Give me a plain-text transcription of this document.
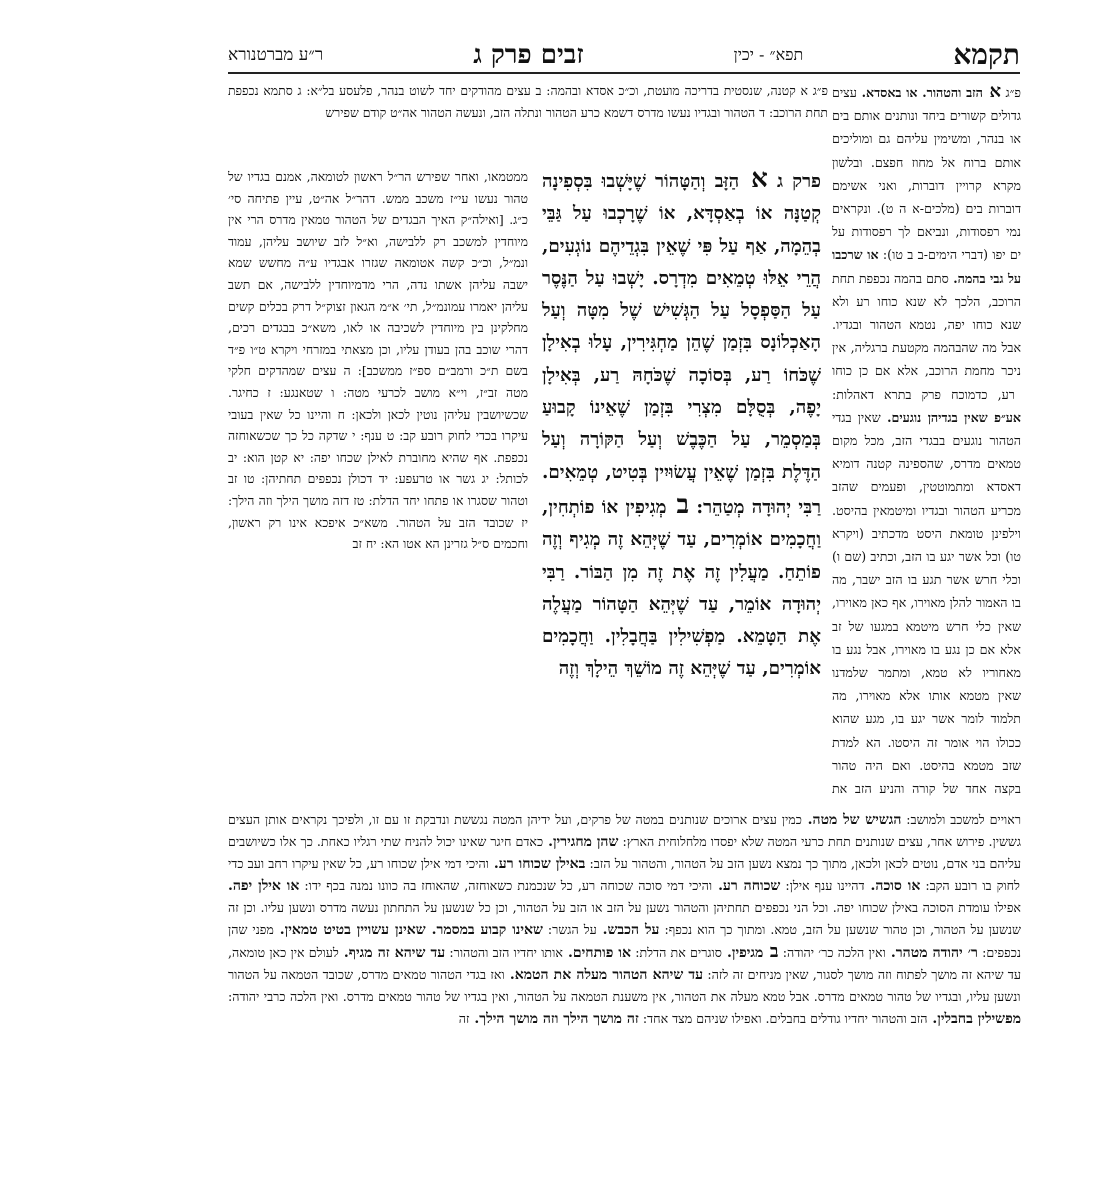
תקמא
תפא״ - יכין
זבים פרק ג
ר״ע מברטנורא
פ״ג א הזב והטהור. או באסדא. עצים גדולים קשורים ביחד ונותנים אותם בים או בנהר, ומשימין עליהם גם ומוליכים אותם ברוח אל מחוז חפצם. ובלשון מקרא קרויין דוברות, ואני אשימם דוברות בים (מלכים-א ה ט). ונקראים נמי רפסודות, ונביאם לך רפסודות על ים יפו (דברי הימים-ב ב טו): או שרכבו על גבי בהמה. סתם בהמה נכפפת תחת הרוכב, הלכך לא שנא כוחו רע ולא שנא כוחו יפה, נטמא הטהור ובגדיו. אבל מה שהבהמה מקטעת ברגליה, אין ניכר מחמת הרוכב, אלא אם כן כוחו רע, כדמוכח פרק בתרא דאהלות: אע״פ שאין בגדיהן נוגעים. שאין בגדי הטהור נוגעים בבגדי הזב, מכל מקום טמאים מדרס, שהספינה קטנה דומיא דאסדא ומתמוטטין, ופעמים שהזב מכריע הטהור ובגדיו ומיטמאין בהיסט. וילפינן טומאת היסט מדכתיב (ויקרא טו) וכל אשר יגע בו הזב, וכתיב (שם ו) וכלי חרש אשר תגע בו הזב ישבר, מה בו האמור להלן מאוירו, אף כאן מאוירו, שאין כלי חרש מיטמא במגעו של זב אלא אם כן נגע בו מאוירו, אבל נגע בו מאחוריו לא טמא, ומתמר שלמדנו שאין מטמא אותו אלא מאוירו, מה תלמוד לומר אשר יגע בו, מגע שהוא ככולו הוי אומר זה היסטו. הא למדת שזב מטמא בהיסט. ואם היה טהור בקצה אחד של קורה והניע הזב את
פ״ג א קטנה, שנסטית בדריכה מועטת, וכ״כ אסדא ובהמה: ב עצים מהודקים יחד לשוט בנהר, פלעסע בל״א: ג סתמא נכפפת תחת הרוכב: ד הטהור ובגדיו נעשו מדרס דשמא כרע הטהור ונתלה הזב, ונעשה הטהור אה״ט קודם שפירש
פרק ג א הַזָּב וְהַטָּהוֹר שֶׁיָּשְׁבוּ בִּסְפִינָה קְטַנָּה אוֹ בְאַסְדָּא, אוֹ שֶׁרָכְבוּ עַל גַּבֵּי בְהֵמָה, אַף עַל פִּי שֶׁאֵין בִּגְדֵיהֶם נוֹגְעִים, הֲרֵי אֵלּוּ טְמֵאִים מִדְרָס. יָשְׁבוּ עַל הַנֶּסֶר עַל הַסַּפְסָל עַל הַגְּשִׁישׁ שֶׁל מִטָּה וְעַל הָאַכְלוֹנָס בִּזְמַן שֶׁהֵן מַחְגִּירִין, עָלוּ בְאִילָן שֶׁכֹּחוֹ רַע, בְּסוֹכָה שֶׁכֹּחָהּ רַע, בְּאִילָן יָפֶה, בְּסֻלָּם מִצְרִי בִּזְמַן שֶׁאֵינוֹ קָבוּעַ בְּמַסְמֵר, עַל הַכֶּבֶשׁ וְעַל הַקּוֹרָה וְעַל הַדֶּלֶת בִּזְמַן שֶׁאֵין עֲשׂוּיִין בְּטִיט, טְמֵאִים. רַבִּי יְהוּדָה מְטַהֵר: ב מְגִיפִין אוֹ פוֹתְחִין, וַחֲכָמִים אוֹמְרִים, עַד שֶׁיְּהֵא זֶה מְגִיף וְזֶה פוֹתֵחַ. מַעֲלִין זֶה אֶת זֶה מִן הַבּוֹר. רַבִּי יְהוּדָה אוֹמֵר, עַד שֶׁיְּהֵא הַטָּהוֹר מַעֲלֶה אֶת הַטָּמֵא. מַפְשִׁילִין בַּחֲבָלִין. וַחֲכָמִים אוֹמְרִים, עַד שֶׁיְּהֵא זֶה מוֹשֵׁךְ הֵילָךְ וְזֶה
ממטמאו, ואחר שפירש הר״ל ראשון לטומאה, אמנם בגדיו של טהור נעשו עי״ז משכב ממש. דהר״ל אה״ט, עיין פתיחה סי׳ כ״ג. [ואילה״ק האיך הבגדים של הטהור טמאין מדרס הרי אין מיוחדין למשכב רק ללבישה, וא״ל לזב שיושב עליהן, עמוד ונמ״ל, וכ״כ קשה אטומאה שגזרו אבגדיו ע״ה מחשש שמא ישבה עליהן אשתו נדה, הרי מדמיוחדין ללבישה, אם תשב עליהן יאמרו עמונמ״ל, תי׳ א״מ הגאון זצוק״ל דרק בכלים קשים מחלקינן בין מיוחדין לשכיבה או לאו, משא״כ בבגדים רכים, דהרי שוכב בהן בעודן עליו, וכן מצאתי במזרחי ויקרא ט״ו פ״ד בשם ת״כ ורמב״ם ספ״ז ממשכב]: ה עצים שמהדקים חלקי מטה זב״ז, וי״א מושב לכרעי מטה: ו שטאנגע: ז כחיגר. שכשיושבין עליהן נוטין לכאן ולכאן: ח והיינו כל שאין בעובי עיקרו בכדי לחוק רובע קב: ט ענף: י שדקה כל כך שכשאוחזה נכפפת. אף שהיא מחוברת לאילן שכחו יפה: יא קטן הוא: יב לכותל: יג גשר או טרעפע: יד דכולן נכפפים תחתיהן: טו זב וטהור שסגרו או פתחו יחד הדלת: טז דזה מושך הילך וזה הילך: יז שכובד הזב על הטהור. משא״כ איפכא אינו רק ראשון, וחכמים ס״ל גזרינן הא אטו הא: יח זב
ראויים למשכב ולמושב: הגשיש של מטה. כמין עצים ארוכים שנותנים במטה של פרקים, ועל ידיהן המטה נגששת ונדבקת זו עם זו, ולפיכך נקראים אותן העצים גששין. פירוש אחר, עצים שנותנים תחת כרעי המטה שלא יפסדו מלחלוחית הארץ: שהן מחגירין. כאדם חיגר שאינו יכול להניח שתי רגליו כאחת. כך אלו כשיושבים עליהם בני אדם, נוטים לכאן ולכאן, מתוך כך נמצא נשען הזב על הטהור, והטהור על הזב: באילן שכוחו רע. והיכי דמי אילן שכוחו רע, כל שאין עיקרו רחב ועב כדי לחוק בו רובע הקב: או סוכה. דהיינו ענף אילן: שכוחה רע. והיכי דמי סוכה שכוחה רע, כל שנכמנת כשאוחזה, שהאוחז בה כוונו נמנה בכף ידו: או אילן יפה. אפילו עומדת הסוכה באילן שכוחו יפה. וכל הני נכפפים תחתיהן והטהור נשען על הזב או הזב על הטהור, וכן כל שנשען על התחתון נעשה מדרס ונשען עליו. וכן זה שנשען על הטהור, וכן טהור שנשען על הזב, טמא. ומתוך כך הוא נכפף: על הכבש. על הגשר: שאינו קבוע במסמר. שאינן עשויין בטיט טמאין. מפני שהן נכפפים: ר׳ יהודה מטהר. ואין הלכה כר׳ יהודה: ב מגיפין. סוגרים את הדלת: או פותחים. אותו יחדיו הזב והטהור: עד שיהא זה מגיף. לעולם אין כאן טומאה, עד שיהא זה מושך לפתוח וזה מושך לסגור, שאין מניחים זה לזה: עד שיהא הטהור מעלה את הטמא. ואז בגדי הטהור טמאים מדרס, שכובד הטמאה על הטהור ונשען עליו, ובגדיו של טהור טמאים מדרס. אבל טמא מעלה את הטהור, אין משענת הטמאה על הטהור, ואין בגדיו של טהור טמאים מדרס. ואין הלכה כרבי יהודה: מפשילין בחבלין. הזב והטהור יחדיו גודלים בחבלים. ואפילו שניהם מצד אחד: זה מושך הילך וזה מושך הילך. זה
